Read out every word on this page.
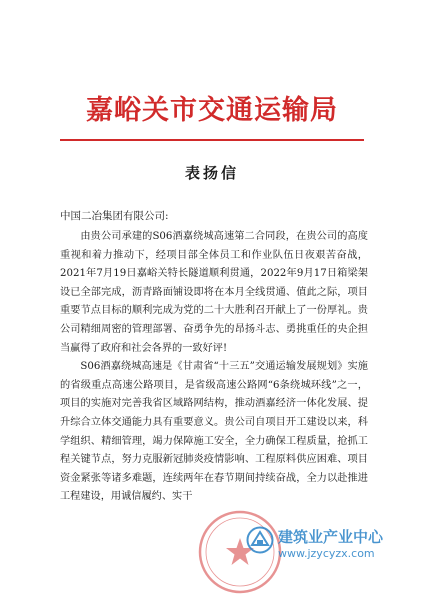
嘉峪关市交通运输局
表扬信
中国二冶集团有限公司:

由贵公司承建的S06酒嘉绕城高速第二合同段，在贵公司的高度重视和着力推动下，经项目部全体员工和作业队伍日夜艰苦奋战，2021年7月19日嘉峪关特长隧道顺利贯通，2022年9月17日箱梁架设已全部完成，沥青路面铺设即将在本月全线贯通、值此之际，项目重要节点目标的顺利完成为党的二十大胜利召开献上了一份厚礼。贵公司精细周密的管理部署、奋勇争先的昂扬斗志、勇挑重任的央企担当赢得了政府和社会各界的一致好评!

S06酒嘉绕城高速是《甘肃省“十三五”交通运输发展规划》实施的省级重点高速公路项目，是省级高速公路网“6条绕城环线”之一，项目的实施对完善我省区域路网结构，推动酒嘉经济一体化发展、提升综合立体交通能力具有重要意义。贵公司自项目开工建设以来，科学组织、精细管理，竭力保障施工安全，全力确保工程质量，抢抓工程关键节点，努力克服新冠肺炎疫情影响、工程原料供应困难、项目资金紧张等诸多难题，连续两年在春节期间持续奋战，全力以赴推进工程建设，用诚信履约、实干

建筑业产业中心
www.jzycyzx.com
